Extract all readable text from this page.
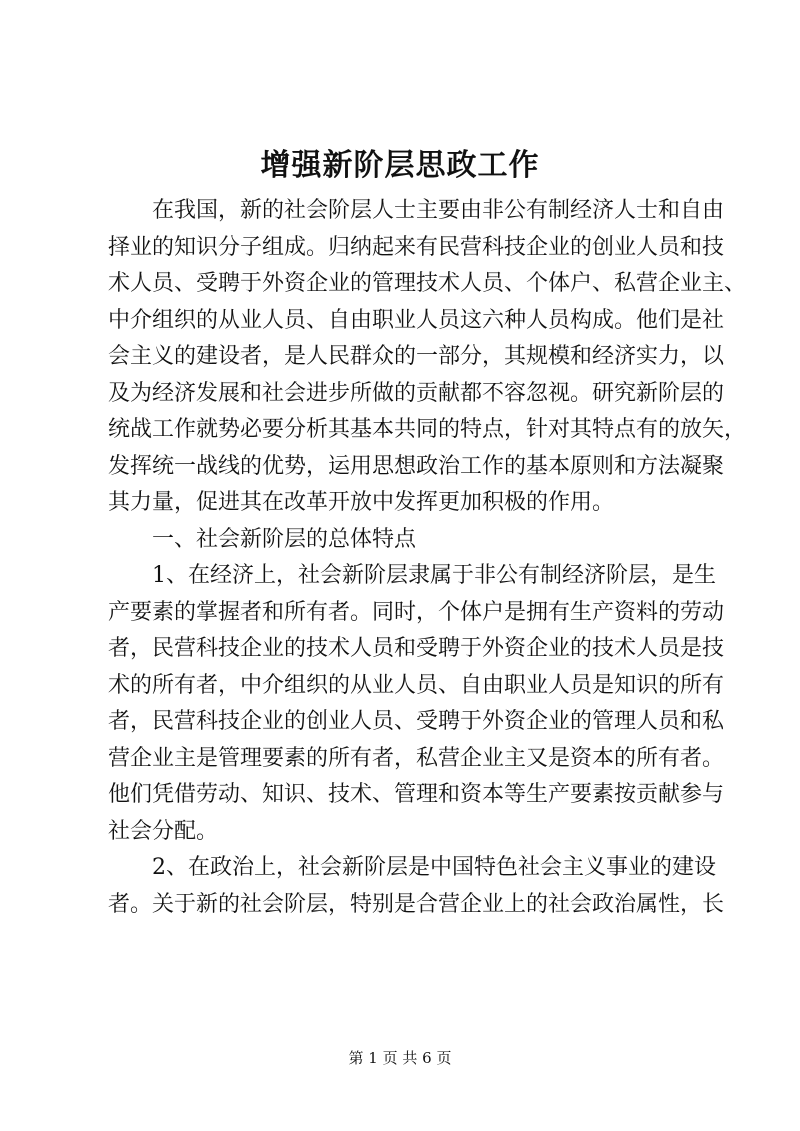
增强新阶层思政工作
在我国，新的社会阶层人士主要由非公有制经济人士和自由
择业的知识分子组成。归纳起来有民营科技企业的创业人员和技
术人员、受聘于外资企业的管理技术人员、个体户、私营企业主、
中介组织的从业人员、自由职业人员这六种人员构成。他们是社
会主义的建设者，是人民群众的一部分，其规模和经济实力，以
及为经济发展和社会进步所做的贡献都不容忽视。研究新阶层的
统战工作就势必要分析其基本共同的特点，针对其特点有的放矢，
发挥统一战线的优势，运用思想政治工作的基本原则和方法凝聚
其力量，促进其在改革开放中发挥更加积极的作用。
一、社会新阶层的总体特点
1、在经济上，社会新阶层隶属于非公有制经济阶层，是生
产要素的掌握者和所有者。同时，个体户是拥有生产资料的劳动
者，民营科技企业的技术人员和受聘于外资企业的技术人员是技
术的所有者，中介组织的从业人员、自由职业人员是知识的所有
者，民营科技企业的创业人员、受聘于外资企业的管理人员和私
营企业主是管理要素的所有者，私营企业主又是资本的所有者。
他们凭借劳动、知识、技术、管理和资本等生产要素按贡献参与
社会分配。
2、在政治上，社会新阶层是中国特色社会主义事业的建设
者。关于新的社会阶层，特别是合营企业上的社会政治属性，长
第 1 页 共 6 页
